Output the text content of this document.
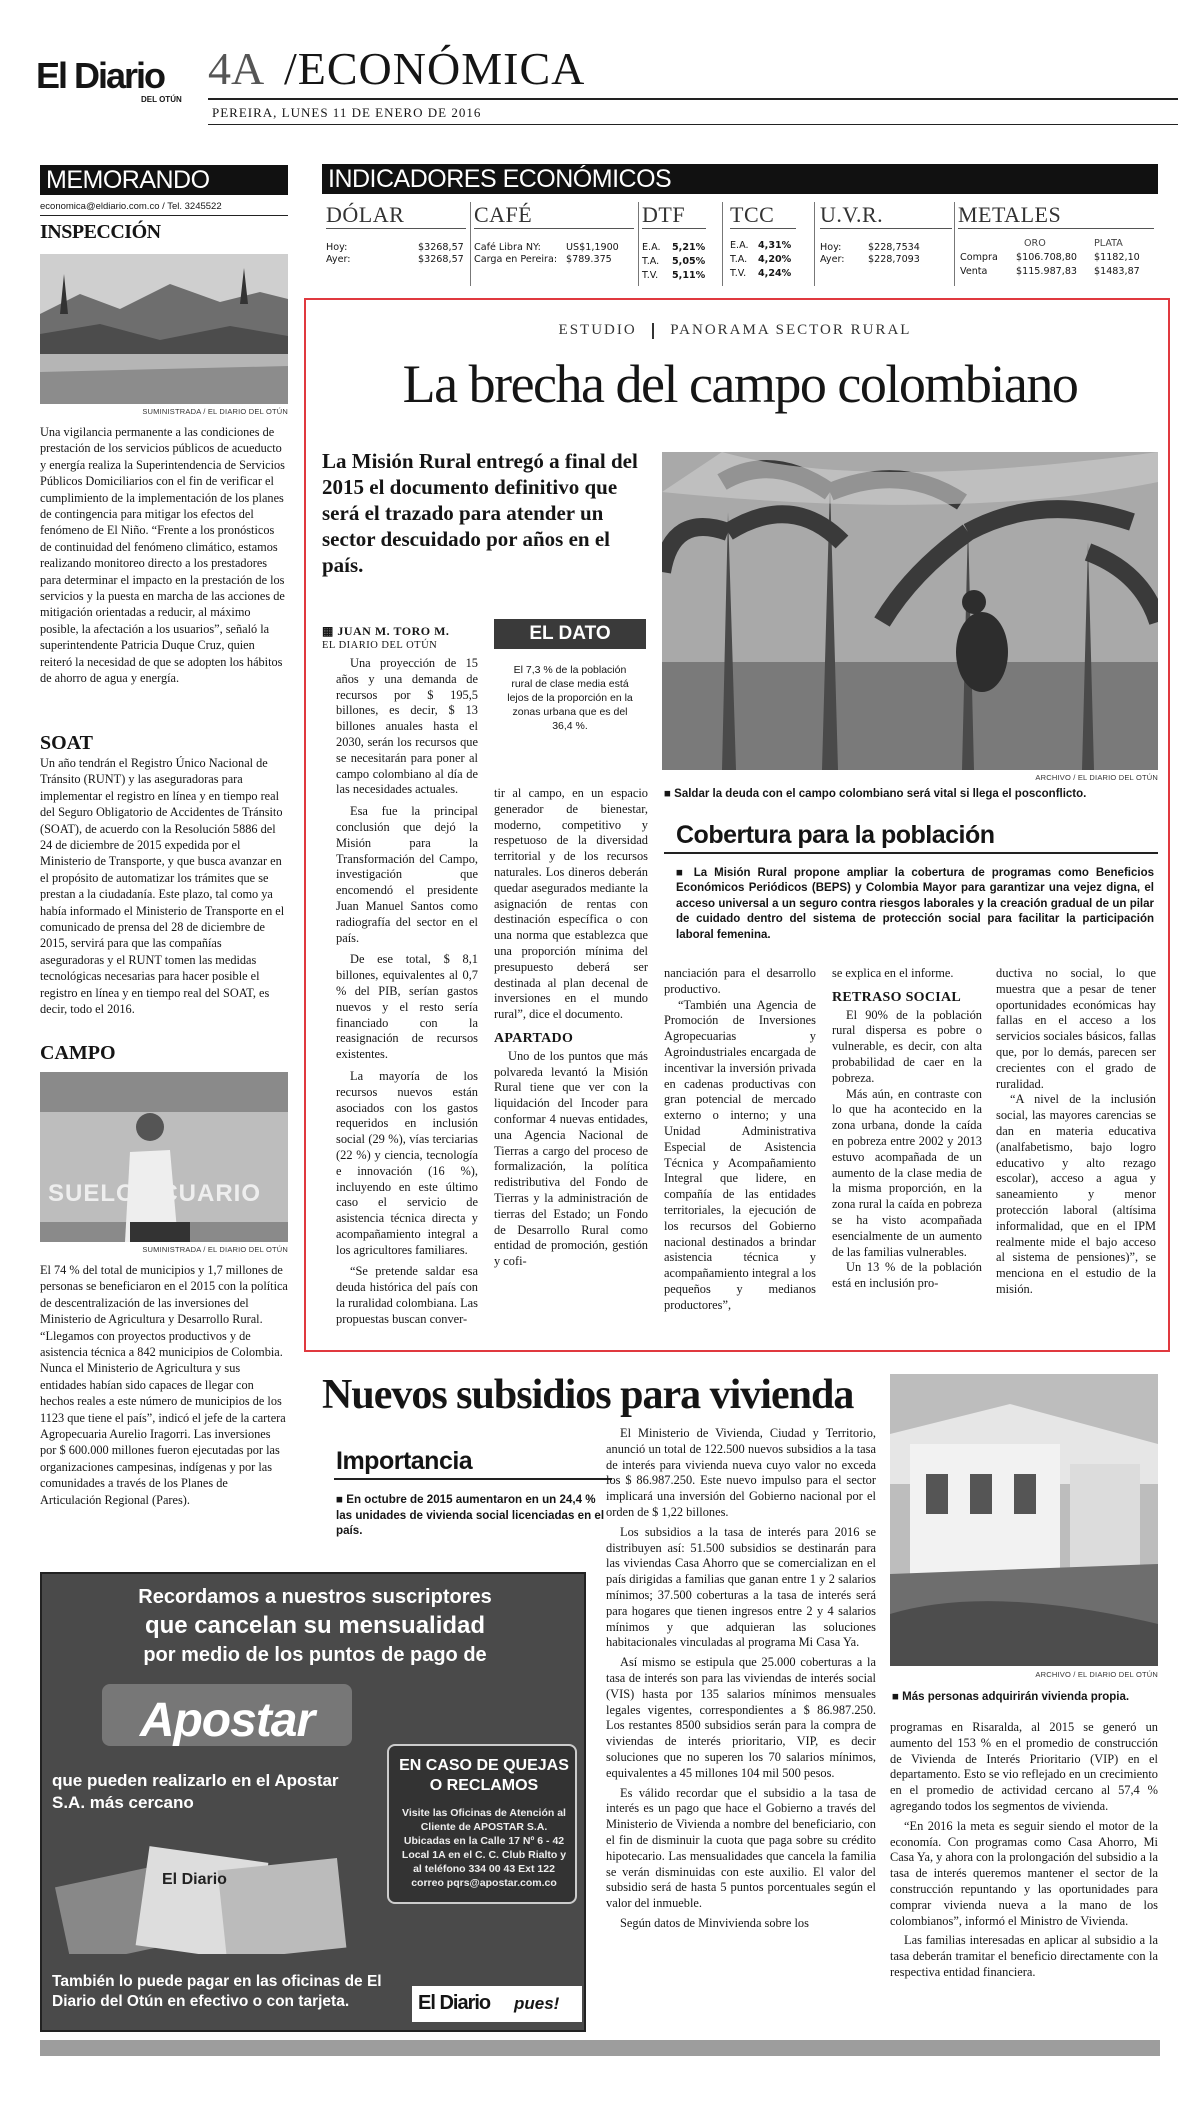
El Diario
DEL OTÚN
4A /ECONÓMICA
PEREIRA, LUNES 11 DE ENERO DE 2016
MEMORANDO
economica@eldiario.com.co / Tel. 3245522
INSPECCIÓN
SUMINISTRADA / EL DIARIO DEL OTÚN
Una vigilancia permanente a las condiciones de prestación de los servicios públicos de acueducto y energía realiza la Superintendencia de Servicios Públicos Domiciliarios con el fin de verificar el cumplimiento de la implementación de los planes de contingencia para mitigar los efectos del fenómeno de El Niño. “Frente a los pronósticos de continuidad del fenómeno climático, estamos realizando monitoreo directo a los prestadores para determinar el impacto en la prestación de los servicios y la puesta en marcha de las acciones de mitigación orientadas a reducir, al máximo posible, la afectación a los usuarios”, señaló la superintendente Patricia Duque Cruz, quien reiteró la necesidad de que se adopten los hábitos de ahorro de agua y energía.
SOAT
Un año tendrán el Registro Único Nacional de Tránsito (RUNT) y las aseguradoras para implementar el registro en línea y en tiempo real del Seguro Obligatorio de Accidentes de Tránsito (SOAT), de acuerdo con la Resolución 5886 del 24 de diciembre de 2015 expedida por el Ministerio de Transporte, y que busca avanzar en el propósito de automatizar los trámites que se prestan a la ciudadanía. Este plazo, tal como ya había informado el Ministerio de Transporte en el comunicado de prensa del 28 de diciembre de 2015, servirá para que las compañías aseguradoras y el RUNT tomen las medidas tecnológicas necesarias para hacer posible el registro en línea y en tiempo real del SOAT, es decir, todo el 2016.
CAMPO
SUELO ECUARIO
SUMINISTRADA / EL DIARIO DEL OTÚN
El 74 % del total de municipios y 1,7 millones de personas se beneficiaron en el 2015 con la política de descentralización de las inversiones del Ministerio de Agricultura y Desarrollo Rural. “Llegamos con proyectos productivos y de asistencia técnica a 842 municipios de Colombia. Nunca el Ministerio de Agricultura y sus entidades habían sido capaces de llegar con hechos reales a este número de municipios de los 1123 que tiene el país”, indicó el jefe de la cartera Agropecuaria Aurelio Iragorri. Las inversiones por $ 600.000 millones fueron ejecutadas por las organizaciones campesinas, indígenas y por las comunidades a través de los Planes de Articulación Regional (Pares).
INDICADORES ECONÓMICOS
DÓLAR
Hoy:	$3268,57
Ayer:	$3268,57
CAFÉ
Café Libra NY:	US$1,1900
Carga en Pereira: $789.375
DTF
E.A. 5,21%
T.A. 5,05%
T.V. 5,11%
TCC
E.A. 4,31%
T.A. 4,20%
T.V. 4,24%
U.V.R.
Hoy:	$228,7534
Ayer: $228,7093
METALES
ORO	PLATA
Compra $106.708,80 $1182,10
Venta	$115.987,83 $1483,87
ESTUDIO PANORAMA SECTOR RURAL
La brecha del campo colombiano
La Misión Rural entregó a final del 2015 el documento definitivo que será el trazado para atender un sector descuidado por años en el país.
▦ JUAN M. TORO M.
EL DIARIO DEL OTÚN
EL DATO
El 7,3 % de la población rural de clase media está lejos de la proporción en la zonas urbana que es del 36,4 %.
ARCHIVO / EL DIARIO DEL OTÚN
■ Saldar la deuda con el campo colombiano será vital si llega el posconflicto.
Cobertura para la población
■ La Misión Rural propone ampliar la cobertura de programas como Beneficios Económicos Periódicos (BEPS) y Colombia Mayor para garantizar una vejez digna, el acceso universal a un seguro contra riesgos laborales y la creación gradual de un pilar de cuidado dentro del sistema de protección social para facilitar la participación laboral femenina.

Una proyección de 15 años y una demanda de recursos por $ 195,5 billones, es decir, $ 13 billones anuales hasta el 2030, serán los recursos que se necesitarán para poner al campo colombiano al día de las necesidades actuales.

Esa fue la principal conclusión que dejó la Misión para la Transformación del Campo, investigación que encomendó el presidente Juan Manuel Santos como radiografía del sector en el país.

De ese total, $ 8,1 billones, equivalentes al 0,7 % del PIB, serían gastos nuevos y el resto sería financiado con la reasignación de recursos existentes.

La mayoría de los recursos nuevos están asociados con los gastos requeridos en inclusión social (29 %), vías terciarias (22 %) y ciencia, tecnología e innovación (16 %), incluyendo en este último caso el servicio de asistencia técnica directa y acompañamiento integral a los agricultores familiares.

“Se pretende saldar esa deuda histórica del país con la ruralidad colombiana. Las propuestas buscan conver-

tir al campo, en un espacio generador de bienestar, moderno, competitivo y respetuoso de la diversidad territorial y de los recursos naturales. Los dineros deberán quedar asegurados mediante la asignación de rentas con destinación específica o con una norma que establezca que una proporción mínima del presupuesto deberá ser destinada al plan decenal de inversiones en el mundo rural”, dice el documento.

APARTADO

Uno de los puntos que más polvareda levantó la Misión Rural tiene que ver con la liquidación del Incoder para conformar 4 nuevas entidades, una Agencia Nacional de Tierras a cargo del proceso de formalización, la política redistributiva del Fondo de Tierras y la administración de tierras del Estado; un Fondo de Desarrollo Rural como entidad de promoción, gestión y cofi-

nanciación para el desarrollo productivo.

“También una Agencia de Promoción de Inversiones Agropecuarias y Agroindustriales encargada de incentivar la inversión privada en cadenas productivas con gran potencial de mercado externo o interno; y una Unidad Administrativa Especial de Asistencia Técnica y Acompañamiento Integral que lidere, en compañía de las entidades territoriales, la ejecución de los recursos del Gobierno nacional destinados a brindar asistencia técnica y acompañamiento integral a los pequeños y medianos productores”,

se explica en el informe.

RETRASO SOCIAL

El 90% de la población rural dispersa es pobre o vulnerable, es decir, con alta probabilidad de caer en la pobreza.

Más aún, en contraste con lo que ha acontecido en la zona urbana, donde la caída en pobreza entre 2002 y 2013 estuvo acompañada de un aumento de la clase media de la misma proporción, en la zona rural la caída en pobreza se ha visto acompañada esencialmente de un aumento de las familias vulnerables.

Un 13 % de la población está en inclusión pro-

ductiva no social, lo que muestra que a pesar de tener oportunidades económicas hay fallas en el acceso a los servicios sociales básicos, fallas que, por lo demás, parecen ser crecientes con el grado de ruralidad.

“A nivel de la inclusión social, las mayores carencias se dan en materia educativa (analfabetismo, bajo logro educativo y alto rezago escolar), acceso a agua y saneamiento y menor protección laboral (altísima informalidad, que en el IPM realmente mide el bajo acceso al sistema de pensiones)”, se menciona en el estudio de la misión.

Nuevos subsidios para vivienda
Importancia
■ En octubre de 2015 aumentaron en un 24,4 % las unidades de vivienda social licenciadas en el país.

El Ministerio de Vivienda, Ciudad y Territorio, anunció un total de 122.500 nuevos subsidios a la tasa de interés para vivienda nueva cuyo valor no exceda los $ 86.987.250. Este nuevo impulso para el sector implicará una inversión del Gobierno nacional por el orden de $ 1,22 billones.

Los subsidios a la tasa de interés para 2016 se distribuyen así: 51.500 subsidios se destinarán para las viviendas Casa Ahorro que se comercializan en el país dirigidas a familias que ganan entre 1 y 2 salarios mínimos; 37.500 coberturas a la tasa de interés será para hogares que tienen ingresos entre 2 y 4 salarios mínimos y que adquieran las soluciones habitacionales vinculadas al programa Mi Casa Ya.

Así mismo se estipula que 25.000 coberturas a la tasa de interés son para las viviendas de interés social (VIS) hasta por 135 salarios mínimos mensuales legales vigentes, correspondientes a $ 86.987.250. Los restantes 8500 subsidios serán para la compra de viviendas de interés prioritario, VIP, es decir soluciones que no superen los 70 salarios mínimos, equivalentes a 45 millones 104 mil 500 pesos.

Es válido recordar que el subsidio a la tasa de interés es un pago que hace el Gobierno a través del Ministerio de Vivienda a nombre del beneficiario, con el fin de disminuir la cuota que paga sobre su crédito hipotecario. Las mensualidades que cancela la familia se verán disminuidas con este auxilio. El valor del subsidio será de hasta 5 puntos porcentuales según el valor del inmueble.

Según datos de Minvivienda sobre los

ARCHIVO / EL DIARIO DEL OTÚN
■ Más personas adquirirán vivienda propia.

programas en Risaralda, al 2015 se generó un aumento del 153 % en el promedio de construcción de Vivienda de Interés Prioritario (VIP) en el departamento. Esto se vio reflejado en un crecimiento en el promedio de actividad cercano al 57,4 % agregando todos los segmentos de vivienda.

“En 2016 la meta es seguir siendo el motor de la economía. Con programas como Casa Ahorro, Mi Casa Ya, y ahora con la prolongación del subsidio a la tasa de interés queremos mantener el sector de la construcción repuntando y las oportunidades para comprar vivienda nueva a la mano de los colombianos”, informó el Ministro de Vivienda.

Las familias interesadas en aplicar al subsidio a la tasa deberán tramitar el beneficio directamente con la respectiva entidad financiera.

Recordamos a nuestros suscriptores
que cancelan su mensualidad
por medio de los puntos de pago de
Apostar
que pueden realizarlo en el Apostar S.A. más cercano
EN CASO DE QUEJAS O RECLAMOS
Visite las Oficinas de Atención al Cliente de APOSTAR S.A. Ubicadas en la Calle 17 Nº 6 - 42 Local 1A en el C. C. Club Rialto y al teléfono 334 00 43 Ext 122 correo pqrs@apostar.com.co
El Diario
También lo puede pagar en las oficinas de El Diario del Otún en efectivo o con tarjeta.	El Diario pues!
